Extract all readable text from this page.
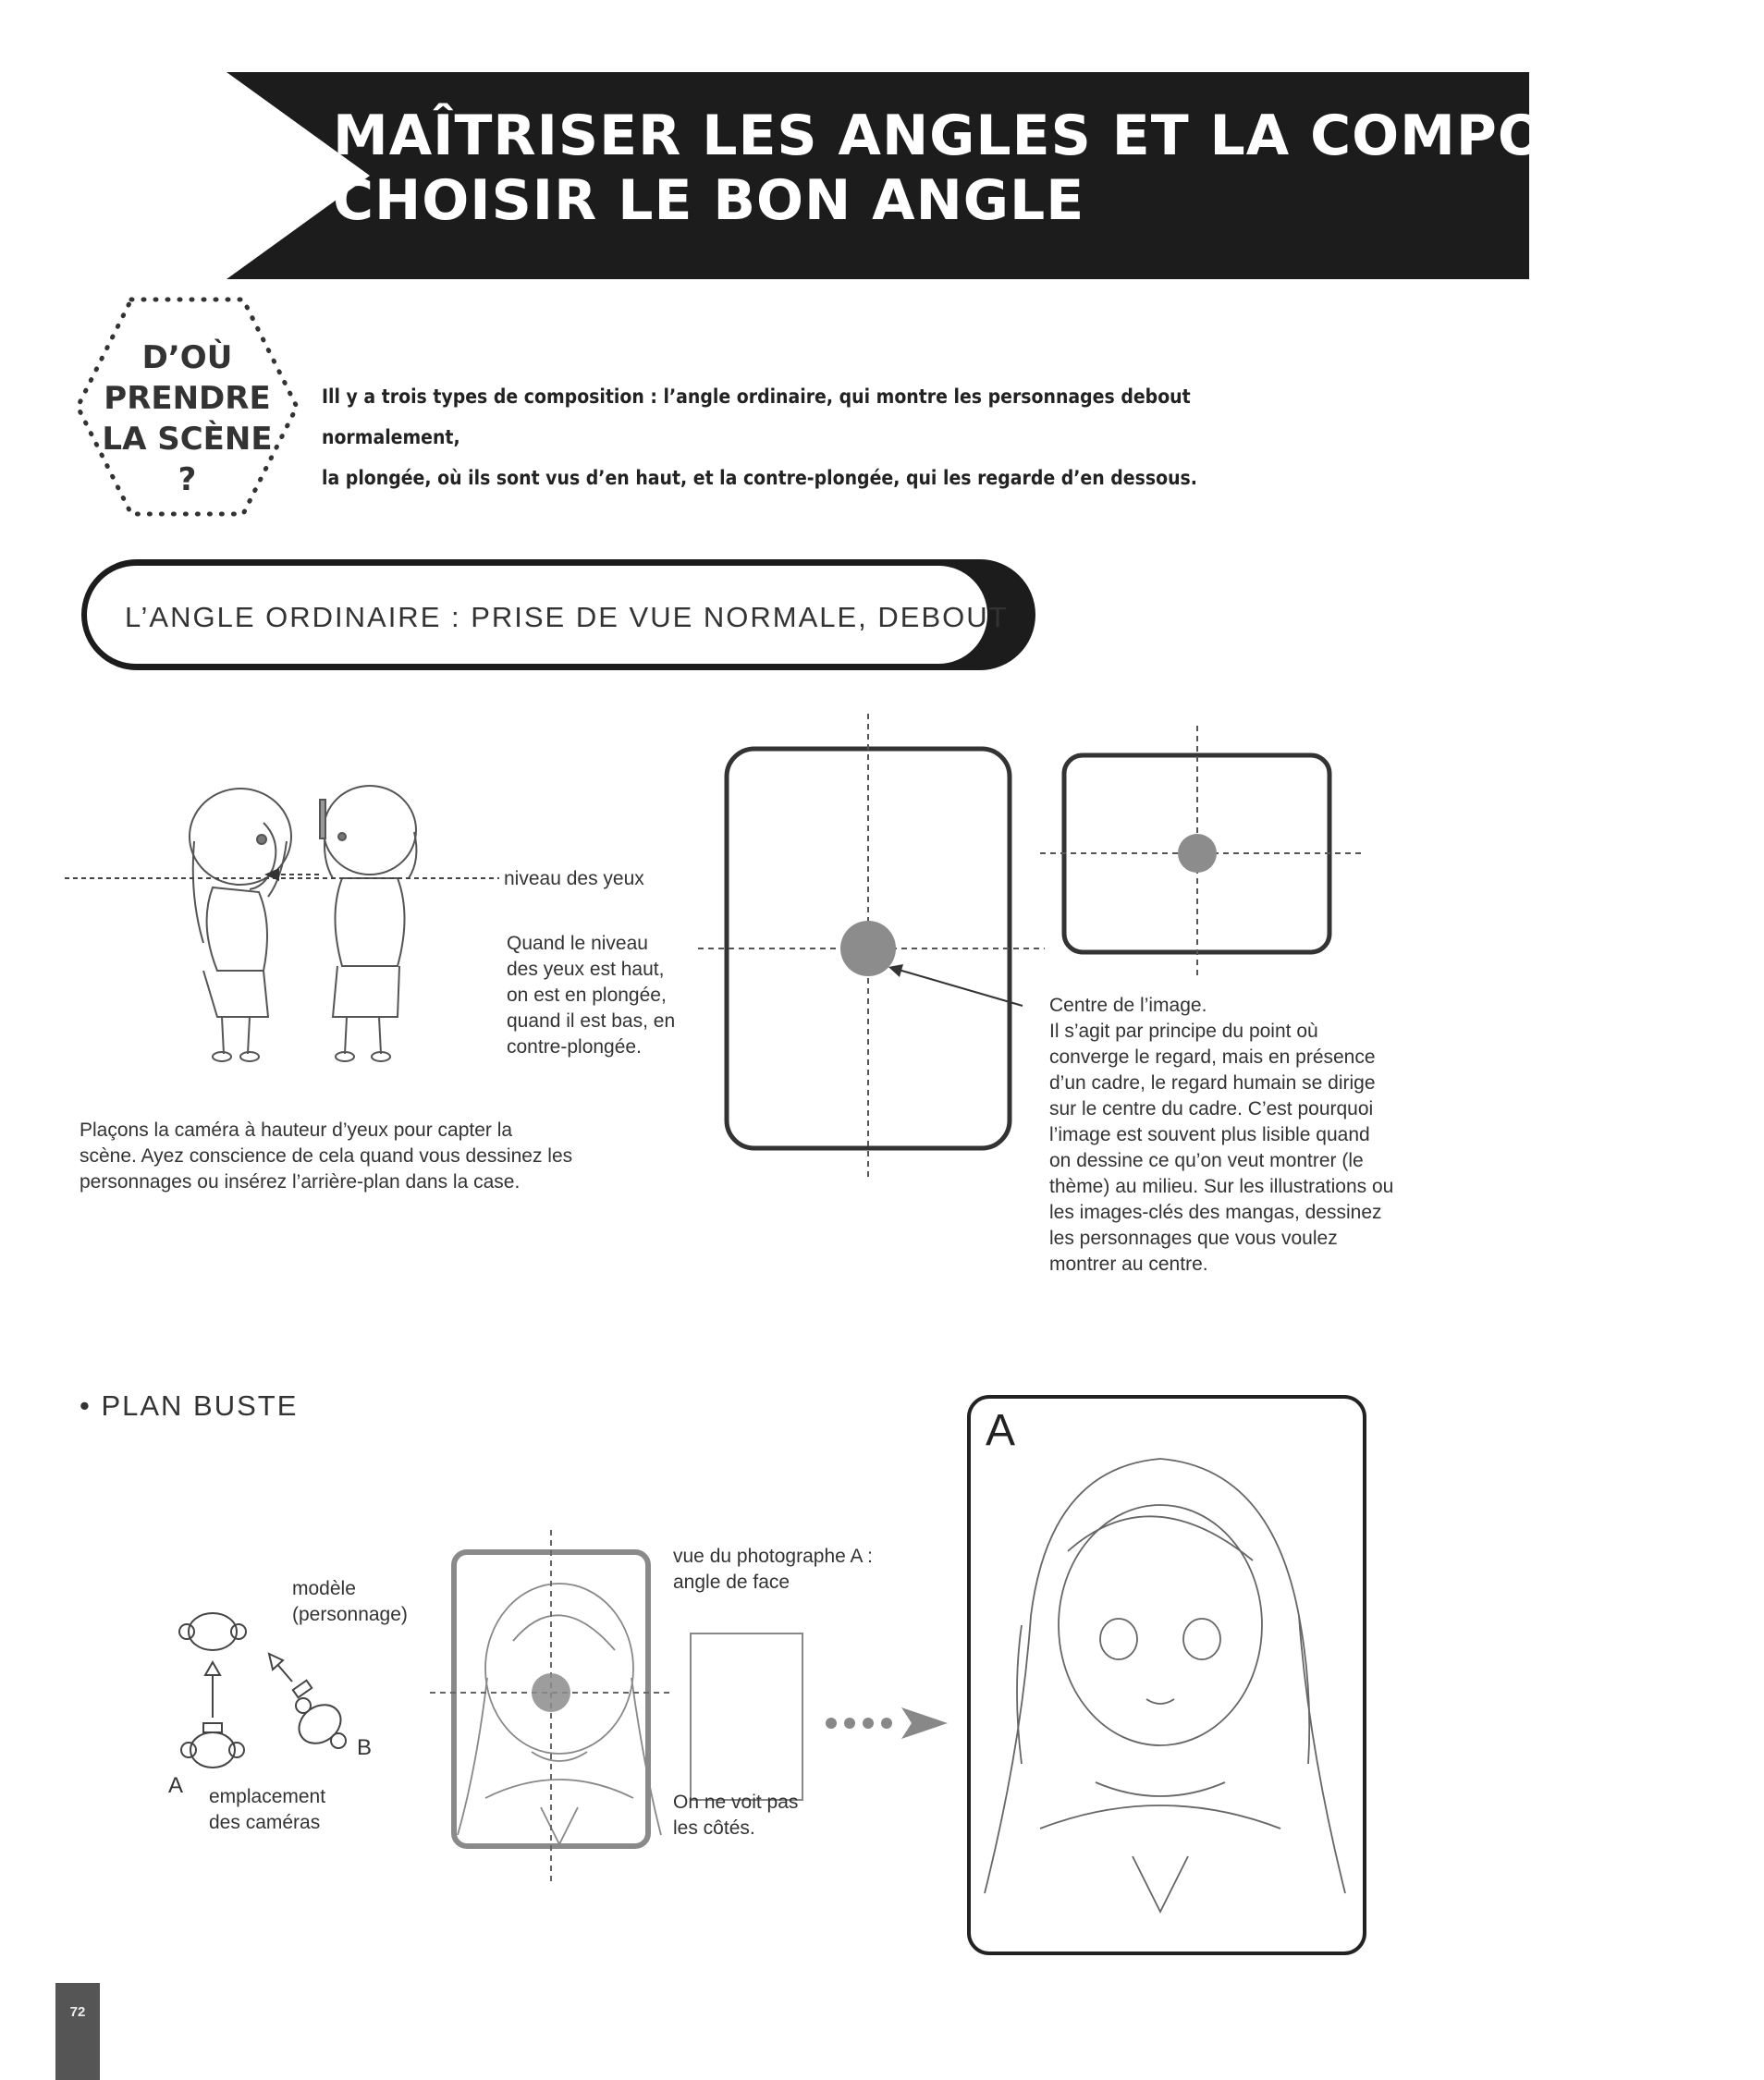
MAÎTRISER LES ANGLES ET LA COMPOSITION
CHOISIR LE BON ANGLE
D’OÙ
PRENDRE
LA SCÈNE ?
Ill y a trois types de composition : l’angle ordinaire, qui montre les personnages debout normalement,
la plongée, où ils sont vus d’en haut, et la contre-plongée, qui les regarde d’en dessous.
L’ANGLE ORDINAIRE : PRISE DE VUE NORMALE, DEBOUT
niveau des yeux
Quand le niveau
des yeux est haut,
on est en plongée,
quand il est bas, en
contre-plongée.
Plaçons la caméra à hauteur d’yeux pour capter la
scène. Ayez conscience de cela quand vous dessinez les
personnages ou insérez l’arrière-plan dans la case.
Centre de l’image.
Il s’agit par principe du point où
converge le regard, mais en présence
d’un cadre, le regard humain se dirige
sur le centre du cadre. C’est pourquoi
l’image est souvent plus lisible quand
on dessine ce qu’on veut montrer (le
thème) au milieu. Sur les illustrations ou
les images-clés des mangas, dessinez
les personnages que vous voulez
montrer au centre.
• PLAN BUSTE
modèle
(personnage)
A
B
emplacement
des caméras
vue du photographe A :
angle de face
On ne voit pas
les côtés.
A
72
